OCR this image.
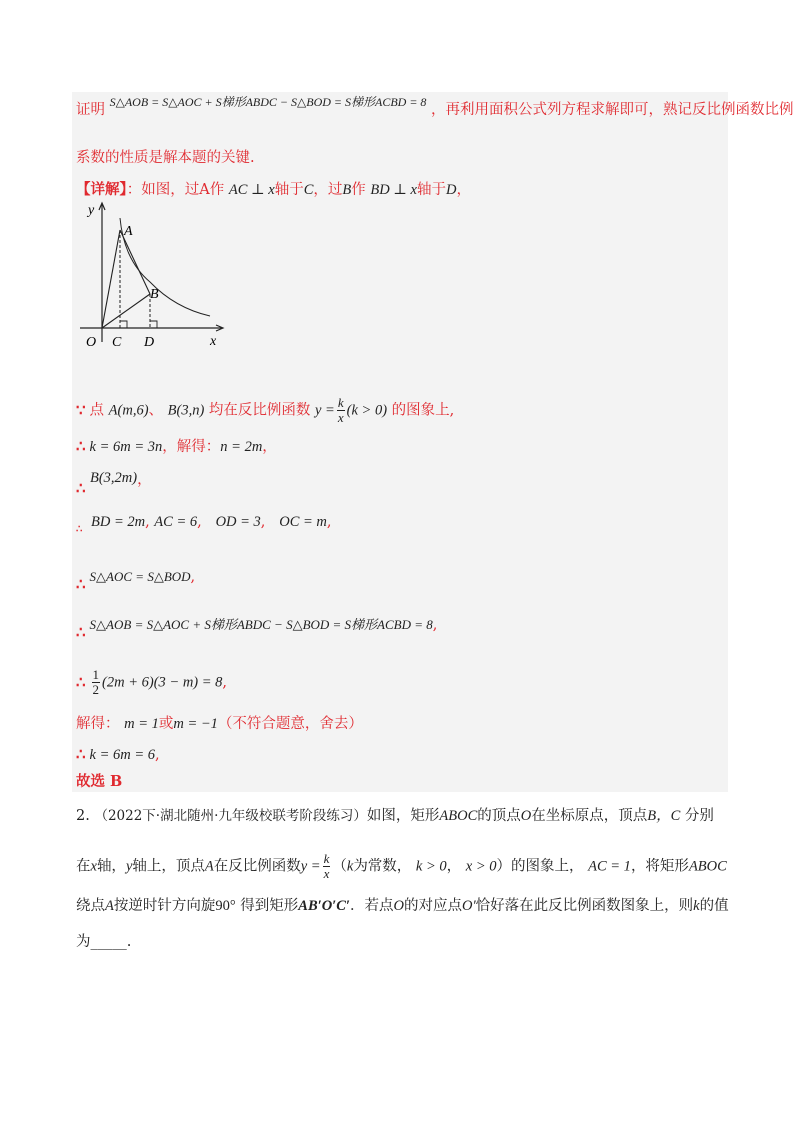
证明 $^{S\triangle AOB = S\triangle AOC + S梯形ABDC - S\triangle BOD = S梯形ACBD = 8}$ ，再利用面积公式列方程求解即可，熟记反比例函数比例
系数的性质是解本题的关键.
【详解】：如图，过A作 AC ⊥ x轴于C，过B作 BD ⊥ x轴于D，
y
A
B
O C D	x
∵ 点 A(m,6)、 B(3,n) 均在反比例函数 $y = \frac{k}{x} (k > 0)$ 的图象上,
∴ k = 6m = 3n，解得：n = 2m，
B(3,2m)，
∴
$_\therefore$ BD = 2m, AC = 6,   OD = 3,   OC = m,
∴ S△AOC = S△BOD,
∴ S△AOB = S△AOC + S梯形ABDC − S△BOD = S梯形ACBD = 8,
∴ $\frac{1}{2} (2m + 6)(3 - m) = 8$,
解得： m = 1或m = −1（不符合题意，舍去）
∴ k = 6m = 6,
故选 B
2. （2022下·湖北随州·九年级校联考阶段练习）如图，矩形ABOC的顶点O在坐标原点，顶点B，C 分别
在x轴，y轴上，顶点A在反比例函数$y = \frac{k}{x} (k$为常数， k > 0， x > 0）的图象上， AC = 1，将矩形ABOC
绕点A按逆时针方向旋90° 得到矩形AB′O′C′．若点O的对应点O′恰好落在此反比例函数图象上，则k的值
为_____.
